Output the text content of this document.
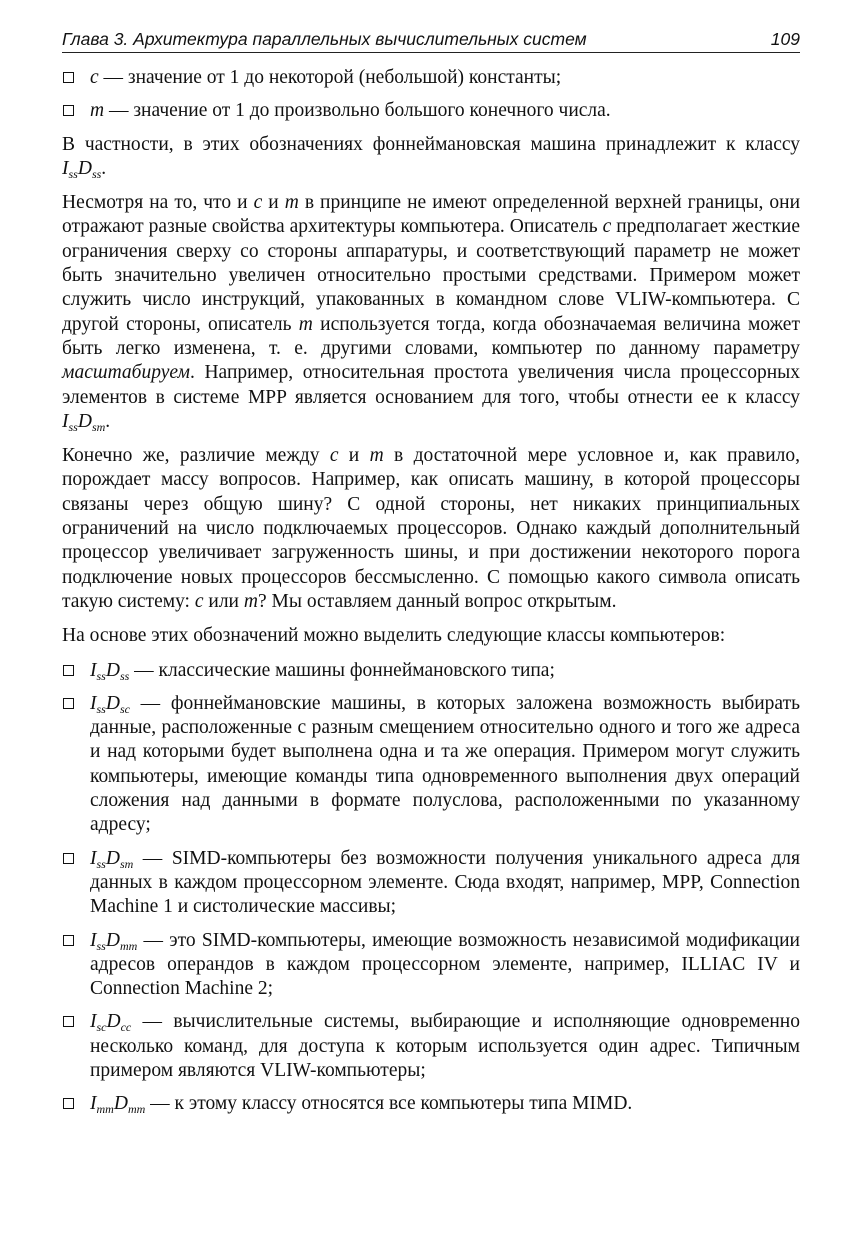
Глава 3. Архитектура параллельных вычислительных систем	109
c — значение от 1 до некоторой (небольшой) константы;
m — значение от 1 до произвольно большого конечного числа.

В частности, в этих обозначениях фоннеймановская машина принадлежит к классу $I_{ss}D_{ss}$.

Несмотря на то, что и c и m в принципе не имеют определенной верхней границы, они отражают разные свойства архитектуры компьютера. Описатель c предполагает жесткие ограничения сверху со стороны аппаратуры, и соответствующий параметр не может быть значительно увеличен относительно простыми средствами. Примером может служить число инструкций, упакованных в командном слове VLIW-компьютера. С другой стороны, описатель m используется тогда, когда обозначаемая величина может быть легко изменена, т. е. другими словами, компьютер по данному параметру масштабируем. Например, относительная простота увеличения числа процессорных элементов в системе MPP является основанием для того, чтобы отнести ее к классу $I_{ss}D_{sm}$.

Конечно же, различие между c и m в достаточной мере условное и, как правило, порождает массу вопросов. Например, как описать машину, в которой процессоры связаны через общую шину? С одной стороны, нет никаких принципиальных ограничений на число подключаемых процессоров. Однако каждый дополнительный процессор увеличивает загруженность шины, и при достижении некоторого порога подключение новых процессоров бессмысленно. С помощью какого символа описать такую систему: c или m? Мы оставляем данный вопрос открытым.

На основе этих обозначений можно выделить следующие классы компьютеров:

$I_{ss}D_{ss}$ — классические машины фоннеймановского типа;
$I_{ss}D_{sc}$ — фоннеймановские машины, в которых заложена возможность выбирать данные, расположенные с разным смещением относительно одного и того же адреса и над которыми будет выполнена одна и та же операция. Примером могут служить компьютеры, имеющие команды типа одновременного выполнения двух операций сложения над данными в формате полуслова, расположенными по указанному адресу;
$I_{ss}D_{sm}$ — SIMD-компьютеры без возможности получения уникального адреса для данных в каждом процессорном элементе. Сюда входят, например, MPP, Connection Machine 1 и систолические массивы;
$I_{ss}D_{mm}$ — это SIMD-компьютеры, имеющие возможность независимой модификации адресов операндов в каждом процессорном элементе, например, ILLIAC IV и Connection Machine 2;
$I_{sc}D_{cc}$ — вычислительные системы, выбирающие и исполняющие одновременно несколько команд, для доступа к которым используется один адрес. Типичным примером являются VLIW-компьютеры;
$I_{mm}D_{mm}$ — к этому классу относятся все компьютеры типа MIMD.
